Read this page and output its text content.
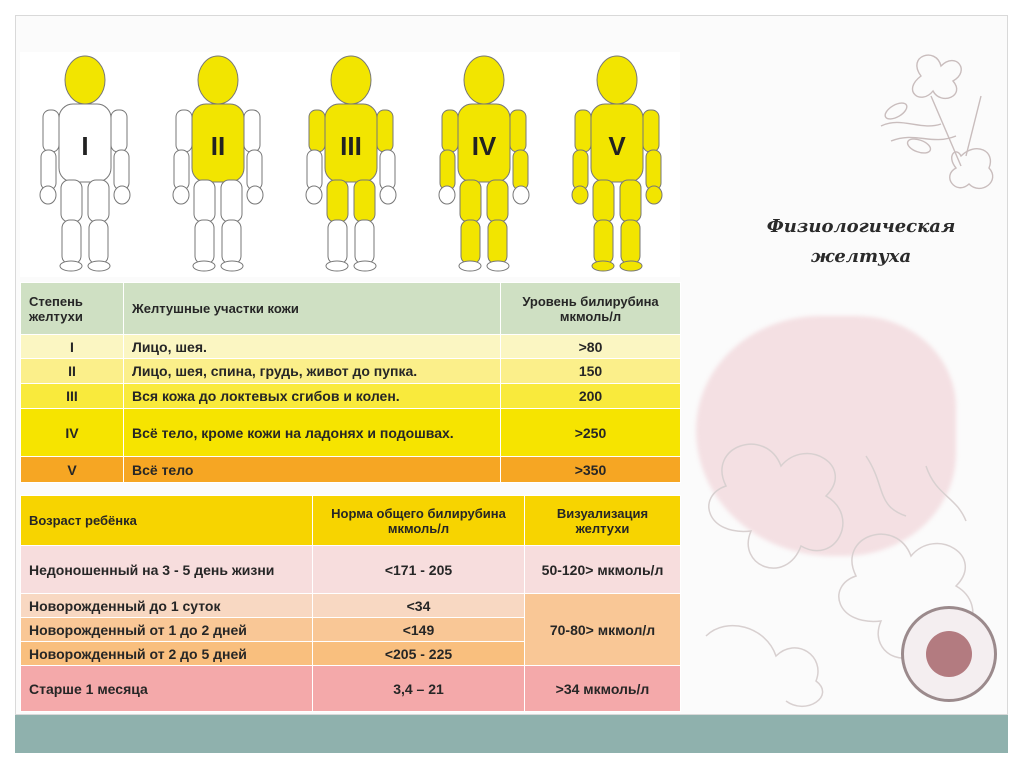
Физиологическая желтуха
I	II	III	IV	V
Степень желтухи	Желтушные участки кожи	Уровень билирубина мкмоль/л
I	Лицо, шея.	>80
II	Лицо, шея, спина, грудь, живот до пупка.	150
III	Вся кожа до локтевых сгибов и колен.	200
IV	Всё тело, кроме кожи на ладонях и подошвах.	>250
V	Всё тело	>350
Возраст ребёнка	Норма общего билирубина мкмоль/л	Визуализация желтухи
Недоношенный на 3 - 5 день жизни	<171 - 205	50-120> мкмоль/л
Новорожденный до 1 суток	<34	70-80> мкмол/л
Новорожденный от 1 до 2 дней	<149	
Новорожденный от 2 до 5 дней	<205 - 225	
Старше 1 месяца	3,4 – 21	>34 мкмоль/л
